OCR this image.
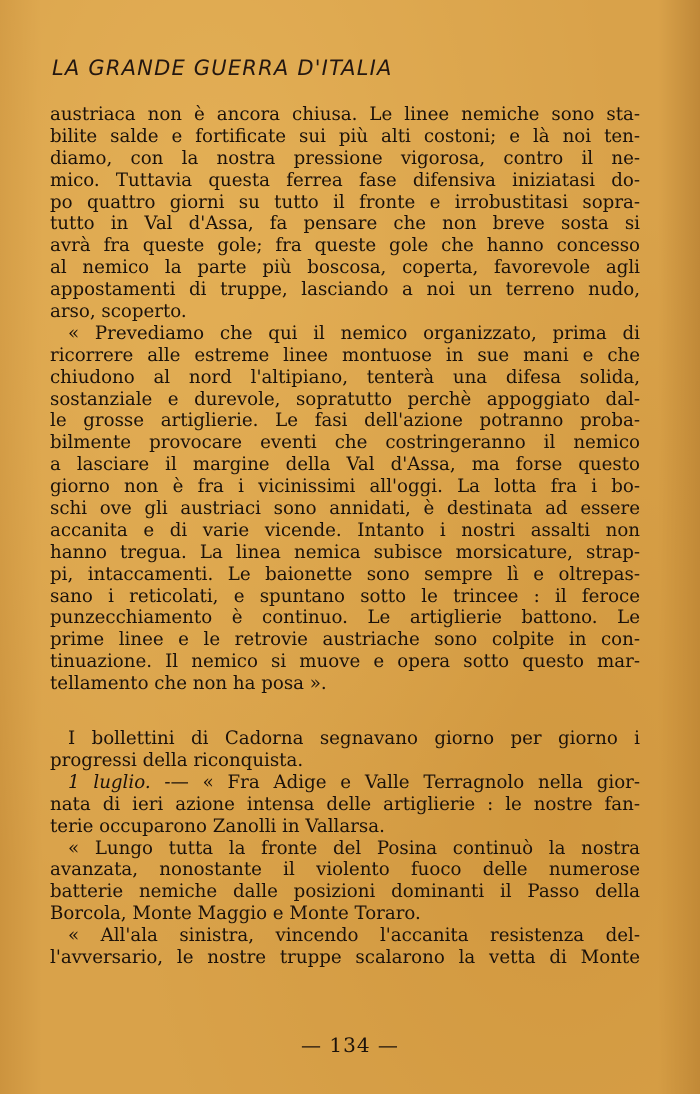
LA GRANDE GUERRA D'ITALIA
austriaca non è ancora chiusa. Le linee nemiche sono sta-
bilite salde e fortificate sui più alti costoni; e là noi ten-
diamo, con la nostra pressione vigorosa, contro il ne-
mico. Tuttavia questa ferrea fase difensiva iniziatasi do-
po quattro giorni su tutto il fronte e irrobustitasi sopra-
tutto in Val d'Assa, fa pensare che non breve sosta si
avrà fra queste gole; fra queste gole che hanno concesso
al nemico la parte più boscosa, coperta, favorevole agli
appostamenti di truppe, lasciando a noi un terreno nudo,
arso, scoperto.
« Prevediamo che qui il nemico organizzato, prima di
ricorrere alle estreme linee montuose in sue mani e che
chiudono al nord l'altipiano, tenterà una difesa solida,
sostanziale e durevole, sopratutto perchè appoggiato dal-
le grosse artiglierie. Le fasi dell'azione potranno proba-
bilmente provocare eventi che costringeranno il nemico
a lasciare il margine della Val d'Assa, ma forse questo
giorno non è fra i vicinissimi all'oggi. La lotta fra i bo-
schi ove gli austriaci sono annidati, è destinata ad essere
accanita e di varie vicende. Intanto i nostri assalti non
hanno tregua. La linea nemica subisce morsicature, strap-
pi, intaccamenti. Le baionette sono sempre lì e oltrepas-
sano i reticolati, e spuntano sotto le trincee : il feroce
punzecchiamento è continuo. Le artiglierie battono. Le
prime linee e le retrovie austriache sono colpite in con-
tinuazione. Il nemico si muove e opera sotto questo mar-
tellamento che non ha posa ».
I bollettini di Cadorna segnavano giorno per giorno i
progressi della riconquista.
1 luglio. -— « Fra Adige e Valle Terragnolo nella gior-
nata di ieri azione intensa delle artiglierie : le nostre fan-
terie occuparono Zanolli in Vallarsa.
« Lungo tutta la fronte del Posina continuò la nostra
avanzata, nonostante il violento fuoco delle numerose
batterie nemiche dalle posizioni dominanti il Passo della
Borcola, Monte Maggio e Monte Toraro.
« All'ala sinistra, vincendo l'accanita resistenza del-
l'avversario, le nostre truppe scalarono la vetta di Monte
— 134 —
